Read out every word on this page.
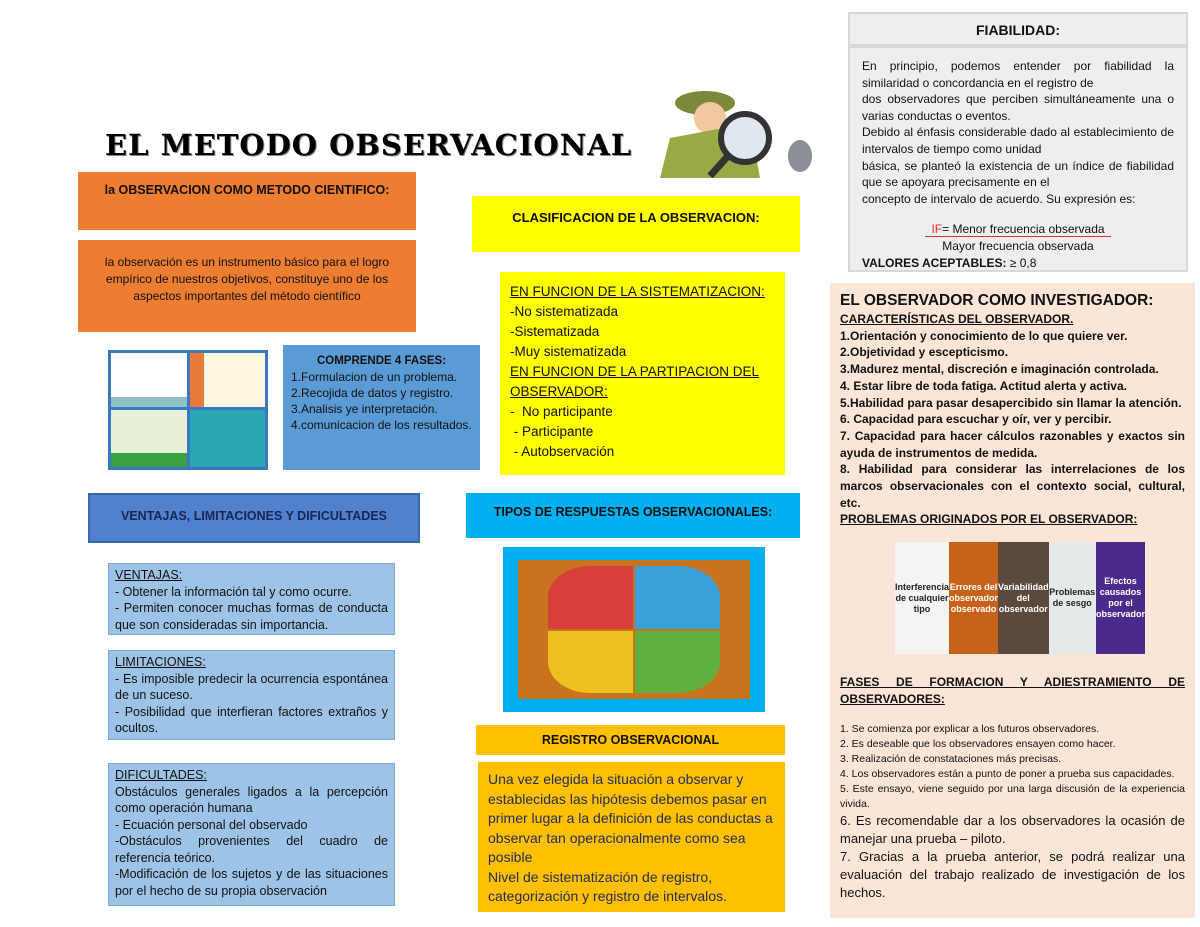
EL METODO OBSERVACIONAL
la OBSERVACION COMO METODO CIENTIFICO:
la observación es un instrumento básico para el logro empírico de nuestros objetivos, constituye uno de los aspectos importantes del método científico
COMPRENDE 4 FASES:
1.Formulacion de un problema.
2.Recojida de datos y registro.
3.Analisis ye interpretación.
4.comunicacion de los resultados.
CLASIFICACION DE LA OBSERVACION:
EN FUNCION DE LA SISTEMATIZACION:
-No sistematizada
-Sistematizada
-Muy sistematizada
EN FUNCION DE LA PARTIPACION DEL OBSERVADOR:
-  No participante
- Participante
- Autobservación
VENTAJAS, LIMITACIONES Y DIFICULTADES
VENTAJAS:
- Obtener la información tal y como ocurre.
- Permiten conocer muchas formas de conducta que son consideradas sin importancia.
LIMITACIONES:
- Es imposible predecir la ocurrencia espontánea de un suceso.
- Posibilidad que interfieran factores extraños y ocultos.
DIFICULTADES:
Obstáculos generales ligados a la percepción como operación humana
- Ecuación personal del observado
-Obstáculos provenientes del cuadro de referencia teórico.
-Modificación de los sujetos y de las situaciones por el hecho de su propia observación
TIPOS DE RESPUESTAS OBSERVACIONALES:
REGISTRO OBSERVACIONAL
Una vez elegida la situación a observar y establecidas las hipótesis debemos pasar en primer lugar a la definición de las conductas a observar tan operacionalmente como sea posible
Nivel de sistematización de registro, categorización y registro de intervalos.
FIABILIDAD:
En principio, podemos entender por fiabilidad la similaridad o concordancia en el registro de
dos observadores que perciben simultáneamente una o varias conductas o eventos.
Debido al énfasis considerable dado al establecimiento de intervalos de tiempo como unidad
básica, se planteó la existencia de un índice de fiabilidad que se apoyara precisamente en el
concepto de intervalo de acuerdo. Su expresión es:
IF= Menor frecuencia observada
Mayor frecuencia observada
VALORES ACEPTABLES: ≥ 0,8
EL OBSERVADOR COMO INVESTIGADOR:
CARACTERÍSTICAS DEL OBSERVADOR.
1.Orientación y conocimiento de lo que quiere ver.
2.Objetividad y escepticismo.
3.Madurez mental, discreción e imaginación controlada.
4. Estar libre de toda fatiga. Actitud alerta y activa.
5.Habilidad para pasar desapercibido sin llamar la atención.
6. Capacidad para escuchar y oír, ver y percibir.
7. Capacidad para hacer cálculos razonables y exactos sin ayuda de instrumentos de medida.
8. Habilidad para considerar las interrelaciones de los marcos observacionales con el contexto social, cultural, etc.
PROBLEMAS ORIGINADOS POR EL OBSERVADOR:
Interferencia de cualquier tipo
Errores del observador observado
Variabilidad del observador
Problemas de sesgo
Efectos causados por el observador
FASES DE FORMACION Y ADIESTRAMIENTO DE OBSERVADORES:
1. Se comienza por explicar a los futuros observadores.
2. Es deseable que los observadores ensayen como hacer.
3. Realización de constataciones más precisas.
4. Los observadores están a punto de poner a prueba sus capacidades.
5. Este ensayo, viene seguido por una larga discusión de la experiencia vivida.
6. Es recomendable dar a los observadores la ocasión de manejar una prueba – piloto.
7. Gracias a la prueba anterior, se podrá realizar una evaluación del trabajo realizado de investigación de los hechos.
